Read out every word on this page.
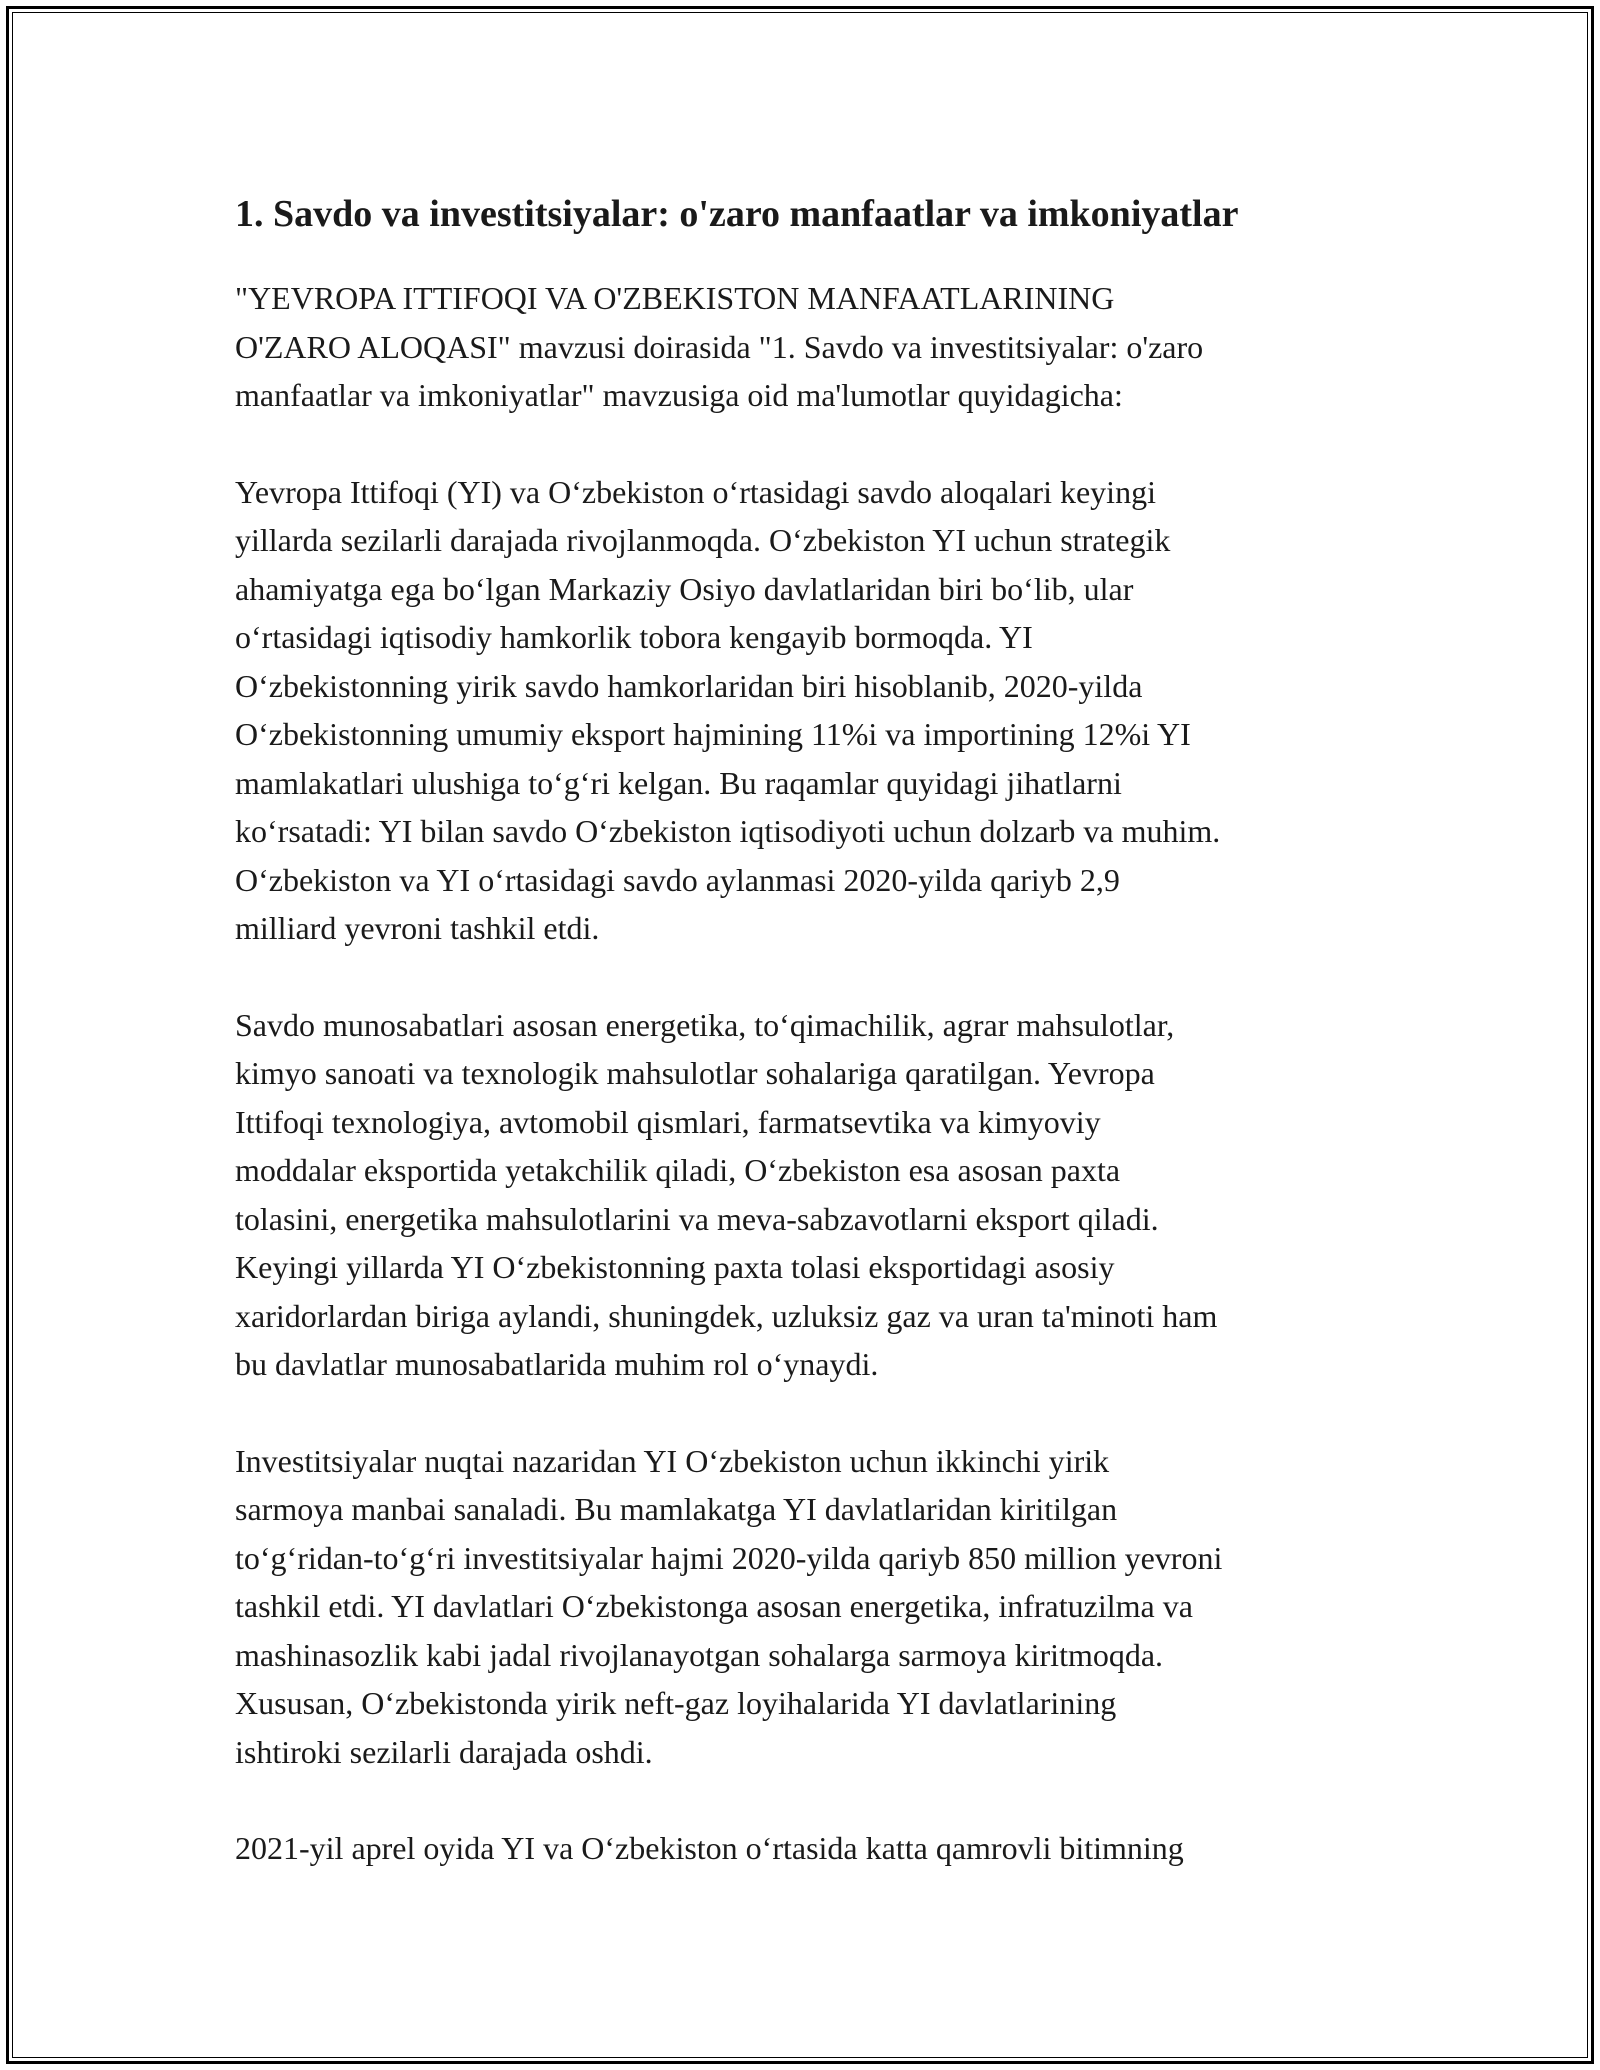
1. Savdo va investitsiyalar: o'zaro manfaatlar va imkoniyatlar

"YEVROPA ITTIFOQI VA O'ZBEKISTON MANFAATLARINING
O'ZARO ALOQASI" mavzusi doirasida "1. Savdo va investitsiyalar: o'zaro
manfaatlar va imkoniyatlar" mavzusiga oid ma'lumotlar quyidagicha:

Yevropa Ittifoqi (YI) va Oʻzbekiston oʻrtasidagi savdo aloqalari keyingi
yillarda sezilarli darajada rivojlanmoqda. Oʻzbekiston YI uchun strategik
ahamiyatga ega boʻlgan Markaziy Osiyo davlatlaridan biri boʻlib, ular
oʻrtasidagi iqtisodiy hamkorlik tobora kengayib bormoqda. YI
Oʻzbekistonning yirik savdo hamkorlaridan biri hisoblanib, 2020-yilda
Oʻzbekistonning umumiy eksport hajmining 11%i va importining 12%i YI
mamlakatlari ulushiga toʻgʻri kelgan. Bu raqamlar quyidagi jihatlarni
koʻrsatadi: YI bilan savdo Oʻzbekiston iqtisodiyoti uchun dolzarb va muhim.
Oʻzbekiston va YI oʻrtasidagi savdo aylanmasi 2020-yilda qariyb 2,9
milliard yevroni tashkil etdi.

Savdo munosabatlari asosan energetika, toʻqimachilik, agrar mahsulotlar,
kimyo sanoati va texnologik mahsulotlar sohalariga qaratilgan. Yevropa
Ittifoqi texnologiya, avtomobil qismlari, farmatsevtika va kimyoviy
moddalar eksportida yetakchilik qiladi, Oʻzbekiston esa asosan paxta
tolasini, energetika mahsulotlarini va meva-sabzavotlarni eksport qiladi.
Keyingi yillarda YI Oʻzbekistonning paxta tolasi eksportidagi asosiy
xaridorlardan biriga aylandi, shuningdek, uzluksiz gaz va uran ta'minoti ham
bu davlatlar munosabatlarida muhim rol oʻynaydi.

Investitsiyalar nuqtai nazaridan YI Oʻzbekiston uchun ikkinchi yirik
sarmoya manbai sanaladi. Bu mamlakatga YI davlatlaridan kiritilgan
toʻgʻridan-toʻgʻri investitsiyalar hajmi 2020-yilda qariyb 850 million yevroni
tashkil etdi. YI davlatlari Oʻzbekistonga asosan energetika, infratuzilma va
mashinasozlik kabi jadal rivojlanayotgan sohalarga sarmoya kiritmoqda.
Xususan, Oʻzbekistonda yirik neft-gaz loyihalarida YI davlatlarining
ishtiroki sezilarli darajada oshdi.

2021-yil aprel oyida YI va Oʻzbekiston oʻrtasida katta qamrovli bitimning
